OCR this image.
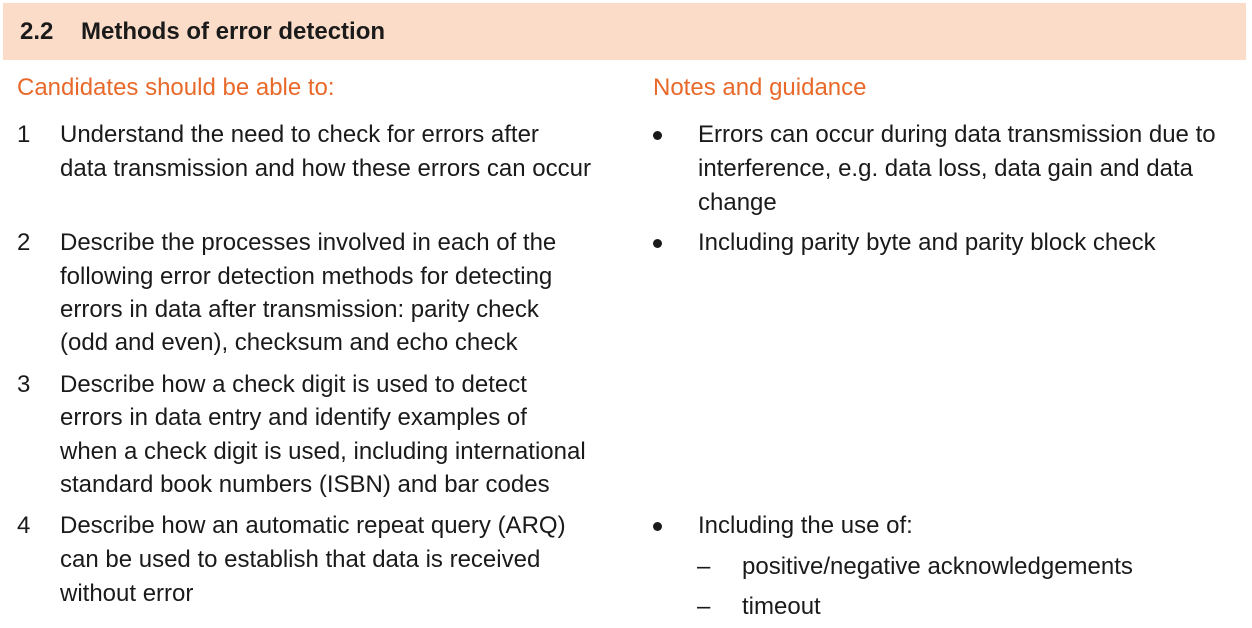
2.2 Methods of error detection
Candidates should be able to:	Notes and guidance
1 Understand the need to check for errors after
data transmission and how these errors can occur
2 Describe the processes involved in each of the
following error detection methods for detecting
errors in data after transmission: parity check
(odd and even), checksum and echo check
3 Describe how a check digit is used to detect
errors in data entry and identify examples of
when a check digit is used, including international
standard book numbers (ISBN) and bar codes
4 Describe how an automatic repeat query (ARQ)
can be used to establish that data is received
without error
Errors can occur during data transmission due to
interference, e.g. data loss, data gain and data
change
Including parity byte and parity block check
Including the use of:
– positive/negative acknowledgements
– timeout
